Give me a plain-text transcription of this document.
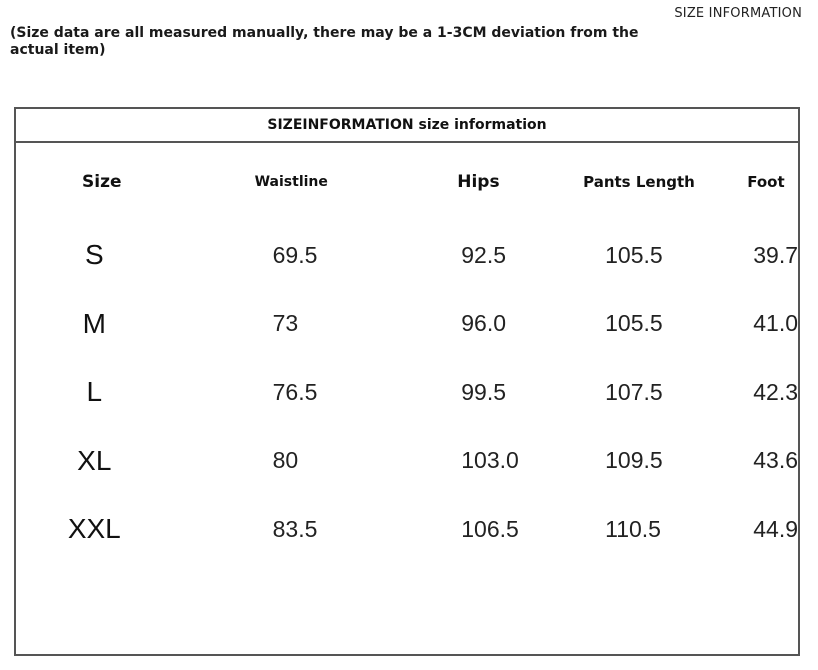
SIZE INFORMATION
(Size data are all measured manually, there may be a 1-3CM deviation from the actual item)
SIZEINFORMATION size information
Size	Waistline	Hips	Pants Length	Foot
S	69.5	92.5	105.5	39.7
M	73	96.0	105.5	41.0
L	76.5	99.5	107.5	42.3
XL	80	103.0	109.5	43.6
XXL	83.5	106.5	110.5	44.9
